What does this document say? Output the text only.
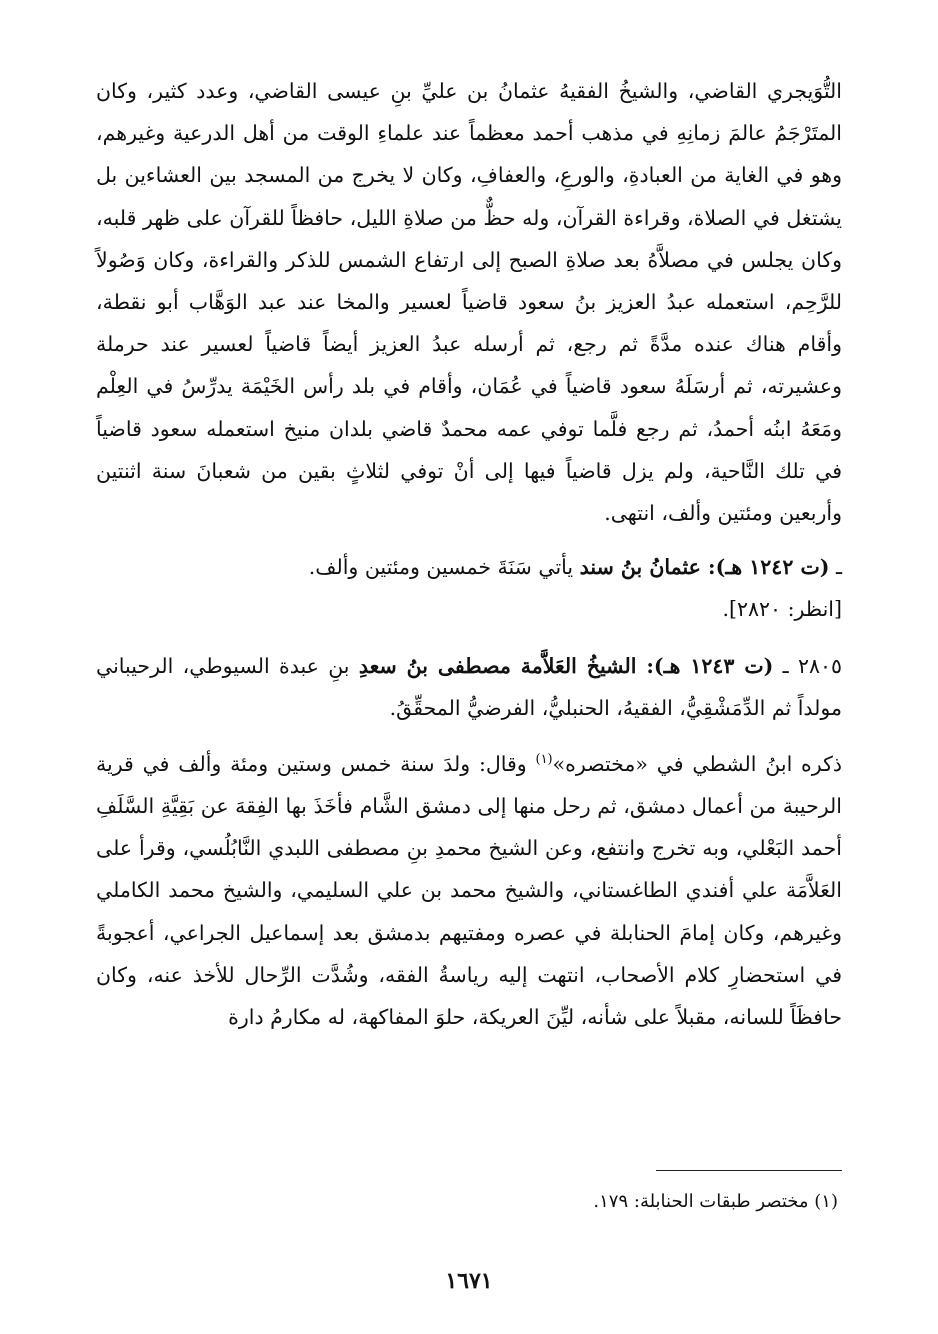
التُّوَيجري القاضي، والشيخُ الفقيهُ عثمانُ بن عليِّ بنِ عيسى القاضي، وعدد كثير، وكان المتَرْجَمُ عالمَ زمانِهِ في مذهب أحمد معظماً عند علماءِ الوقت من أهل الدرعية وغيرهم، وهو في الغاية من العبادةِ، والورعِ، والعفافِ، وكان لا يخرج من المسجد بين العشاءين بل يشتغل في الصلاة، وقراءة القرآن، وله حظٌّ من صلاةِ الليل، حافظاً للقرآن على ظهر قلبه، وكان يجلس في مصلاَّهُ بعد صلاةِ الصبح إلى ارتفاع الشمس للذكر والقراءة، وكان وَصُولاً للرَّحِم، استعمله عبدُ العزيز بنُ سعود قاضياً لعسير والمخا عند عبد الوَهَّاب أبو نقطة، وأقام هناك عنده مدَّةً ثم رجع، ثم أرسله عبدُ العزيز أيضاً قاضياً لعسير عند حرملة وعشيرته، ثم أرسَلَهُ سعود قاضياً في عُمَان، وأقام في بلد رأس الخَيْمَة يدرِّسُ في العِلْم ومَعَهُ ابنُه أحمدُ، ثم رجع فلَّما توفي عمه محمدٌ قاضي بلدان منيخ استعمله سعود قاضياً في تلك النَّاحية، ولم يزل قاضياً فيها إلى أنْ توفي لثلاثٍ بقين من شعبانَ سنة اثنتين وأربعين ومئتين وألف، انتهى.

ـ (ت ١٢٤٢ هـ): عثمانُ بنُ سند يأتي سَنَةَ خمسين ومئتين وألف.
[انظر: ٢٨٢٠].

٢٨٠٥ ـ (ت ١٢٤٣ هـ): الشيخُ العَلاَّمة مصطفى بنُ سعدِ بنِ عبدة السيوطي، الرحيباني مولداً ثم الدِّمَشْقِيُّ، الفقيهُ، الحنبليُّ، الفرضيُّ المحقِّقُ.

ذكره ابنُ الشطي في «مختصره»$^{(١)}$ وقال: ولدَ سنة خمس وستين ومئة وألف في قرية الرحيبة من أعمال دمشق، ثم رحل منها إلى دمشق الشَّام فأخَذَ بها الفِقهَ عن بَقِيَّةِ السَّلَفِ أحمد البَعْلي، وبه تخرج وانتفع، وعن الشيخ محمدِ بنِ مصطفى اللبدي النَّابُلُسي، وقرأ على العَلاَّمَة علي أفندي الطاغستاني، والشيخ محمد بن علي السليمي، والشيخ محمد الكاملي وغيرهم، وكان إمامَ الحنابلة في عصره ومفتيهم بدمشق بعد إسماعيل الجراعي، أعجوبةً في استحضارِ كلام الأصحاب، انتهت إليه رياسةُ الفقه، وشُدَّت الرِّحال للأخذ عنه، وكان حافظَاً للسانه، مقبلاً على شأنه، ليِّنَ العريكة، حلوَ المفاكهة، له مكارمُ دارة

(١) مختصر طبقات الحنابلة: ١٧٩.

١٦٧١
